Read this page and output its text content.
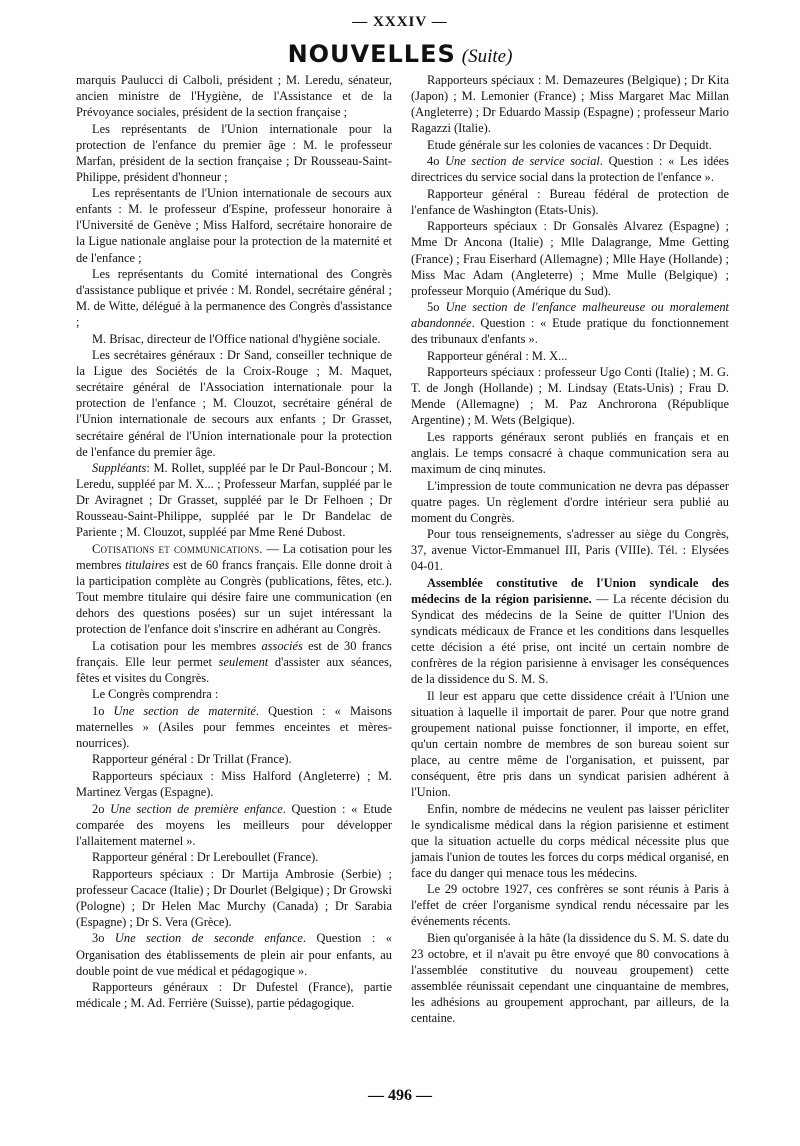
— XXXIV —
NOUVELLES (Suite)

marquis Paulucci di Calboli, président ; M. Leredu, sénateur, ancien ministre de l'Hygiène, de l'Assistance et de la Prévoyance sociales, président de la section française ;

Les représentants de l'Union internationale pour la protection de l'enfance du premier âge : M. le professeur Marfan, président de la section française ; Dr Rousseau-Saint-Philippe, président d'honneur ;

Les représentants de l'Union internationale de secours aux enfants : M. le professeur d'Espine, professeur honoraire à l'Université de Genève ; Miss Halford, secrétaire honoraire de la Ligue nationale anglaise pour la protection de la maternité et de l'enfance ;

Les représentants du Comité international des Congrès d'assistance publique et privée : M. Rondel, secrétaire général ; M. de Witte, délégué à la permanence des Congrès d'assistance ;

M. Brisac, directeur de l'Office national d'hygiène sociale.

Les secrétaires généraux : Dr Sand, conseiller technique de la Ligue des Sociétés de la Croix-Rouge ; M. Maquet, secrétaire général de l'Association internationale pour la protection de l'enfance ; M. Clouzot, secrétaire général de l'Union internationale de secours aux enfants ; Dr Grasset, secrétaire général de l'Union internationale pour la protection de l'enfance du premier âge.

Suppléants: M. Rollet, suppléé par le Dr Paul-Boncour ; M. Leredu, suppléé par M. X... ; Professeur Marfan, suppléé par le Dr Aviragnet ; Dr Grasset, suppléé par le Dr Felhoen ; Dr Rousseau-Saint-Philippe, suppléé par le Dr Bandelac de Pariente ; M. Clouzot, suppléé par Mme René Dubost.

Cotisations et communications. — La cotisation pour les membres titulaires est de 60 francs français. Elle donne droit à la participation complète au Congrès (publications, fêtes, etc.). Tout membre titulaire qui désire faire une communication (en dehors des questions posées) sur un sujet intéressant la protection de l'enfance doit s'inscrire en adhérant au Congrès.

La cotisation pour les membres associés est de 30 francs français. Elle leur permet seulement d'assister aux séances, fêtes et visites du Congrès.

Le Congrès comprendra :

1o Une section de maternité. Question : « Maisons maternelles » (Asiles pour femmes enceintes et mères-nourrices).

Rapporteur général : Dr Trillat (France).

Rapporteurs spéciaux : Miss Halford (Angleterre) ; M. Martinez Vergas (Espagne).

2o Une section de première enfance. Question : « Etude comparée des moyens les meilleurs pour développer l'allaitement maternel ».

Rapporteur général : Dr Lereboullet (France).

Rapporteurs spéciaux : Dr Martija Ambrosie (Serbie) ; professeur Cacace (Italie) ; Dr Dourlet (Belgique) ; Dr Growski (Pologne) ; Dr Helen Mac Murchy (Canada) ; Dr Sarabia (Espagne) ; Dr S. Vera (Grèce).

3o Une section de seconde enfance. Question : « Organisation des établissements de plein air pour enfants, au double point de vue médical et pédagogique ».

Rapporteurs généraux : Dr Dufestel (France), partie médicale ; M. Ad. Ferrière (Suisse), partie pédagogique.

Rapporteurs spéciaux : M. Demazeures (Belgique) ; Dr Kita (Japon) ; M. Lemonier (France) ; Miss Margaret Mac Millan (Angleterre) ; Dr Eduardo Massip (Espagne) ; professeur Mario Ragazzi (Italie).

Etude générale sur les colonies de vacances : Dr Dequidt.

4o Une section de service social. Question : « Les idées directrices du service social dans la protection de l'enfance ».

Rapporteur général : Bureau fédéral de protection de l'enfance de Washington (Etats-Unis).

Rapporteurs spéciaux : Dr Gonsalès Alvarez (Espagne) ; Mme Dr Ancona (Italie) ; Mlle Dalagrange, Mme Getting (France) ; Frau Eiserhard (Allemagne) ; Mlle Haye (Hollande) ; Miss Mac Adam (Angleterre) ; Mme Mulle (Belgique) ; professeur Morquio (Amérique du Sud).

5o Une section de l'enfance malheureuse ou moralement abandonnée. Question : « Etude pratique du fonctionnement des tribunaux d'enfants ».

Rapporteur général : M. X...

Rapporteurs spéciaux : professeur Ugo Conti (Italie) ; M. G. T. de Jongh (Hollande) ; M. Lindsay (Etats-Unis) ; Frau D. Mende (Allemagne) ; M. Paz Anchrorona (République Argentine) ; M. Wets (Belgique).

Les rapports généraux seront publiés en français et en anglais. Le temps consacré à chaque communication sera au maximum de cinq minutes.

L'impression de toute communication ne devra pas dépasser quatre pages. Un règlement d'ordre intérieur sera publié au moment du Congrès.

Pour tous renseignements, s'adresser au siège du Congrès, 37, avenue Victor-Emmanuel III, Paris (VIIIe). Tél. : Elysées 04-01.

Assemblée constitutive de l'Union syndicale des médecins de la région parisienne. — La récente décision du Syndicat des médecins de la Seine de quitter l'Union des syndicats médicaux de France et les conditions dans lesquelles cette décision a été prise, ont incité un certain nombre de confrères de la région parisienne à envisager les conséquences de la dissidence du S. M. S.

Il leur est apparu que cette dissidence créait à l'Union une situation à laquelle il importait de parer. Pour que notre grand groupement national puisse fonctionner, il importe, en effet, qu'un certain nombre de membres de son bureau soient sur place, au centre même de l'organisation, et puissent, par conséquent, être pris dans un syndicat parisien adhérent à l'Union.

Enfin, nombre de médecins ne veulent pas laisser péricliter le syndicalisme médical dans la région parisienne et estiment que la situation actuelle du corps médical nécessite plus que jamais l'union de toutes les forces du corps médical organisé, en face du danger qui menace tous les médecins.

Le 29 octobre 1927, ces confrères se sont réunis à Paris à l'effet de créer l'organisme syndical rendu nécessaire par les événements récents.

Bien qu'organisée à la hâte (la dissidence du S. M. S. date du 23 octobre, et il n'avait pu être envoyé que 80 convocations à l'assemblée constitutive du nouveau groupement) cette assemblée réunissait cependant une cinquantaine de membres, les adhésions au groupement approchant, par ailleurs, de la centaine.

— 496 —
